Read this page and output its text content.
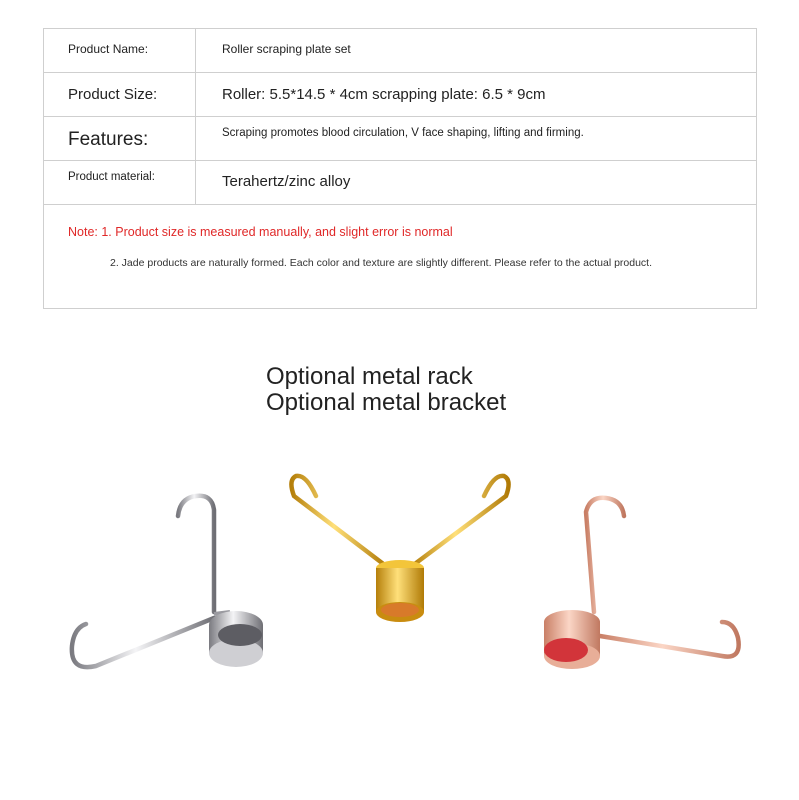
Product Name:	Roller scraping plate set
Product Size:	Roller: 5.5*14.5 * 4cm scrapping plate: 6.5 * 9cm
Features:	Scraping promotes blood circulation, V face shaping, lifting and firming.
Product material:	Terahertz/zinc alloy
Note: 1. Product size is measured manually, and slight error is normal
2. Jade products are naturally formed. Each color and texture are slightly different. Please refer to the actual product.
Optional metal rack
Optional metal bracket
